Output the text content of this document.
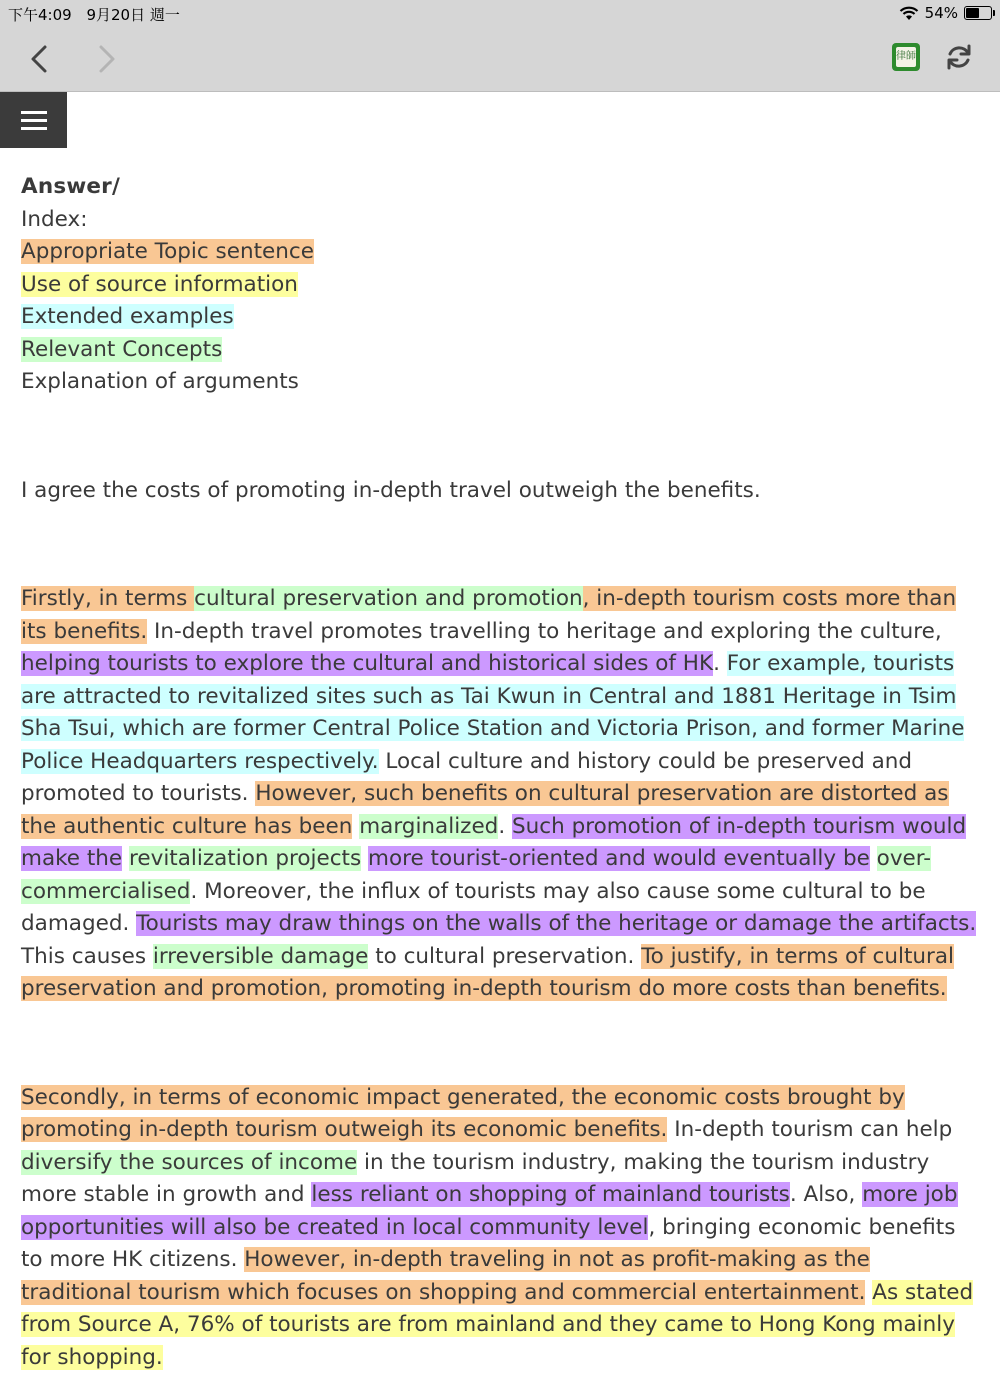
下午4:09 9月20日 週一	54%
律師
Answer/
Index:
Appropriate Topic sentence
Use of source information
Extended examples
Relevant Concepts
Explanation of arguments

I agree the costs of promoting in-depth travel outweigh the benefits.

Firstly, in terms cultural preservation and promotion, in-depth tourism costs more than its benefits. In-depth travel promotes travelling to heritage and exploring the culture, helping tourists to explore the cultural and historical sides of HK. For example, tourists are attracted to revitalized sites such as Tai Kwun in Central and 1881 Heritage in Tsim Sha Tsui, which are former Central Police Station and Victoria Prison, and former Marine Police Headquarters respectively. Local culture and history could be preserved and promoted to tourists. However, such benefits on cultural preservation are distorted as the authentic culture has been marginalized. Such promotion of in-depth tourism would make the revitalization projects more tourist-oriented and would eventually be over-commercialised. Moreover, the influx of tourists may also cause some cultural to be damaged. Tourists may draw things on the walls of the heritage or damage the artifacts. This causes irreversible damage to cultural preservation. To justify, in terms of cultural preservation and promotion, promoting in-depth tourism do more costs than benefits.

Secondly, in terms of economic impact generated, the economic costs brought by promoting in-depth tourism outweigh its economic benefits. In-depth tourism can help diversify the sources of income in the tourism industry, making the tourism industry more stable in growth and less reliant on shopping of mainland tourists. Also, more job opportunities will also be created in local community level, bringing economic benefits to more HK citizens. However, in-depth traveling in not as profit-making as the traditional tourism which focuses on shopping and commercial entertainment. As stated from Source A, 76% of tourists are from mainland and they came to Hong Kong mainly for shopping.
